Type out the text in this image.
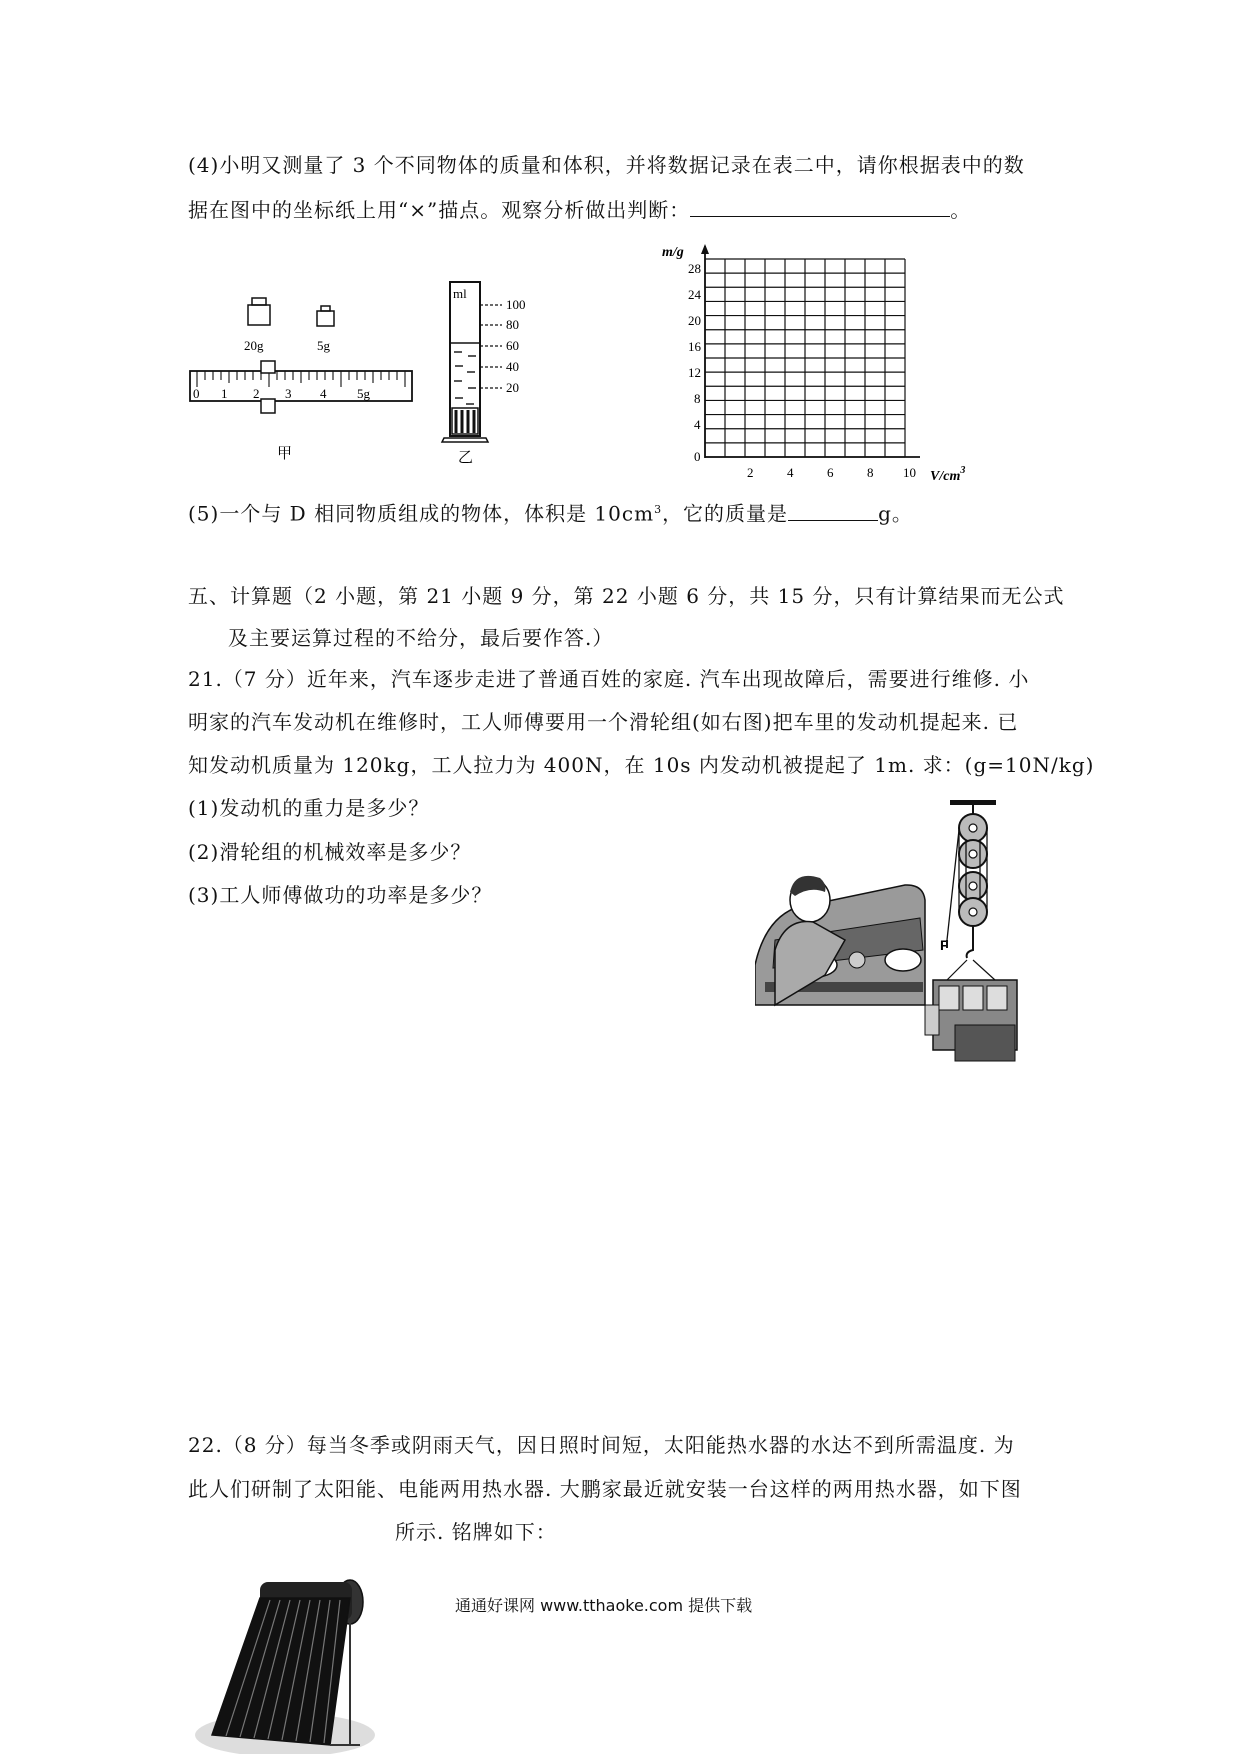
(4)小明又测量了 3 个不同物体的质量和体积，并将数据记录在表二中，请你根据表中的数
据在图中的坐标纸上用“×”描点。观察分析做出判断：	。
20g	5g
0 1 2 3 4 5g
甲
ml
100
80
60
40
20
乙
m/g
28
24
20
16
12
8
4
0
2	4	6	8 10 $V/cm^3$
(5)一个与 D 相同物质组成的物体，体积是 $10cm^3$，它的质量是	g。
五、计算题（2 小题，第 21 小题 9 分，第 22 小题 6 分，共 15 分，只有计算结果而无公式
及主要运算过程的不给分，最后要作答.）
21.（7 分）近年来，汽车逐步走进了普通百姓的家庭. 汽车出现故障后，需要进行维修. 小
明家的汽车发动机在维修时，工人师傅要用一个滑轮组(如右图)把车里的发动机提起来. 已
知发动机质量为 120kg，工人拉力为 400N，在 10s 内发动机被提起了 1m. 求：(g=10N/kg)
(1)发动机的重力是多少？
(2)滑轮组的机械效率是多少？
(3)工人师傅做功的功率是多少？
F
22.（8 分）每当冬季或阴雨天气，因日照时间短，太阳能热水器的水达不到所需温度. 为
此人们研制了太阳能、电能两用热水器. 大鹏家最近就安装一台这样的两用热水器，如下图
所示. 铭牌如下：
通通好课网 www.tthaoke.com 提供下载
